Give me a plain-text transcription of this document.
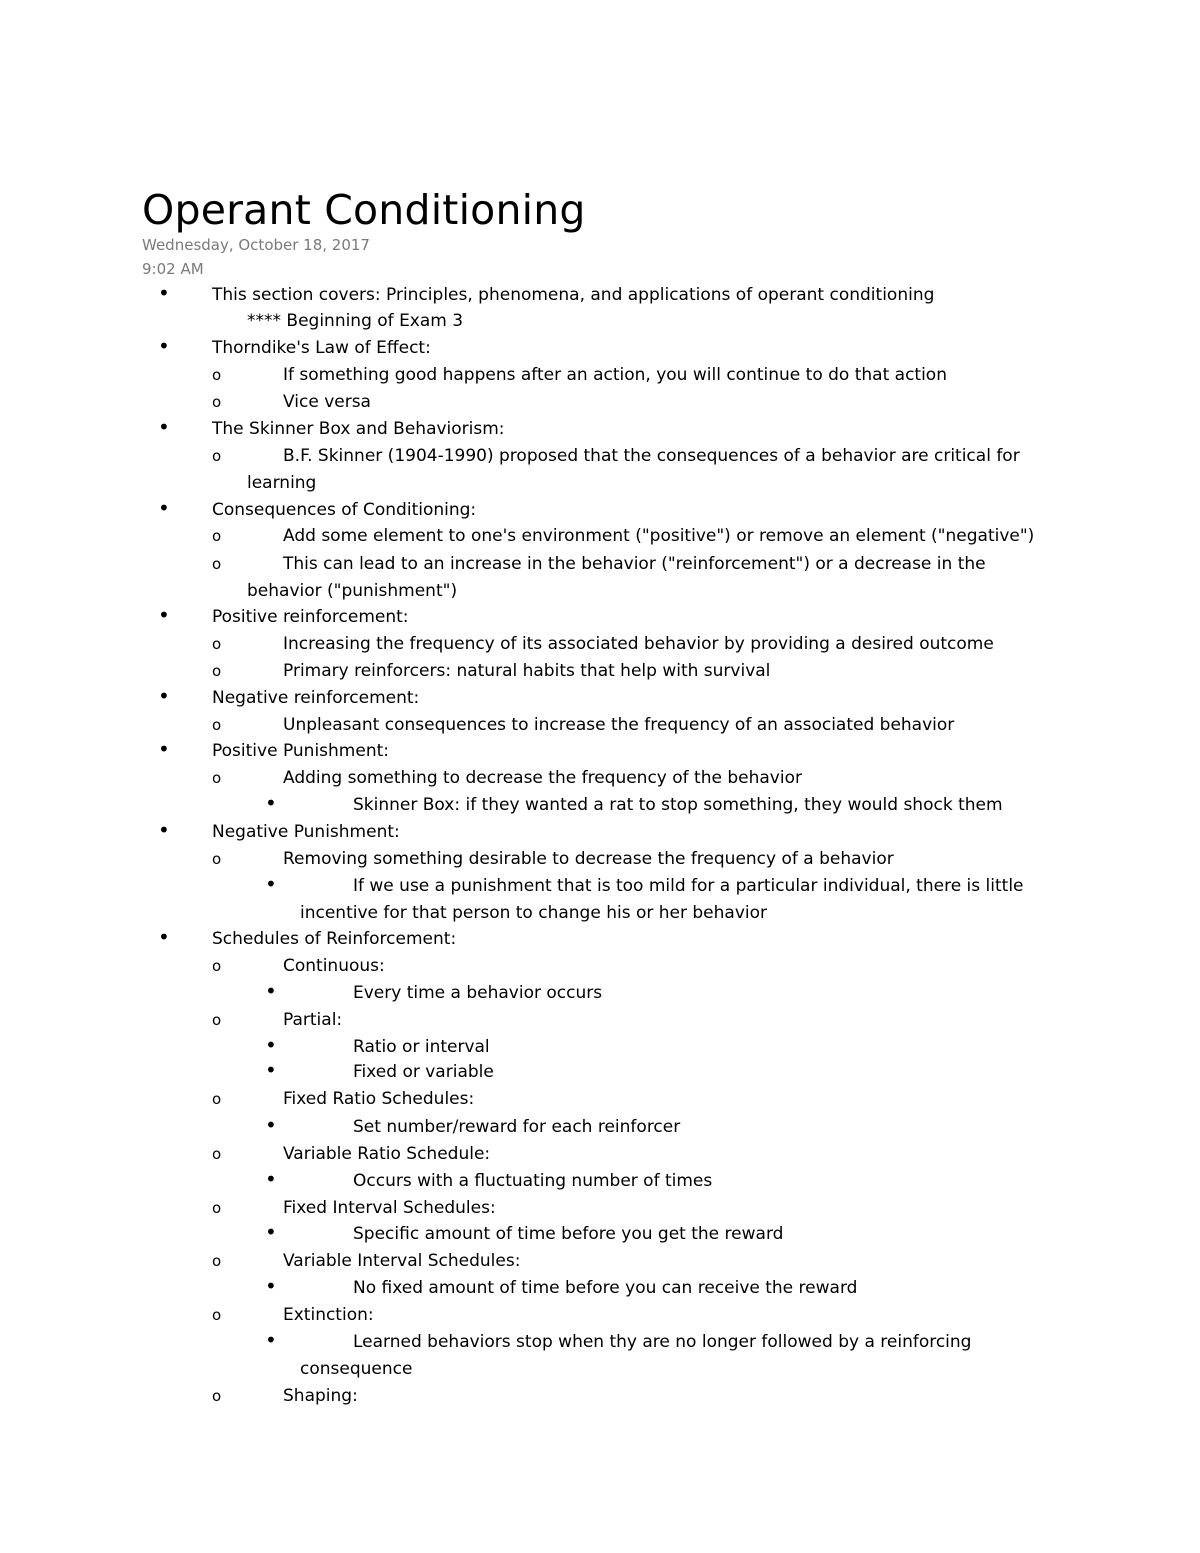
Operant Conditioning
Wednesday, October 18, 2017
9:02 AM
• This section covers: Principles, phenomena, and applications of operant conditioning
**** Beginning of Exam 3
• Thorndike's Law of Effect:
o	If something good happens after an action, you will continue to do that action
o	Vice versa
• The Skinner Box and Behaviorism:
o	B.F. Skinner (1904-1990) proposed that the consequences of a behavior are critical for
learning
• Consequences of Conditioning:
o	Add some element to one's environment ("positive") or remove an element ("negative")
o	This can lead to an increase in the behavior ("reinforcement") or a decrease in the
behavior ("punishment")
• Positive reinforcement:
o	Increasing the frequency of its associated behavior by providing a desired outcome
o	Primary reinforcers: natural habits that help with survival
• Negative reinforcement:
o	Unpleasant consequences to increase the frequency of an associated behavior
• Positive Punishment:
o	Adding something to decrease the frequency of the behavior
•	Skinner Box: if they wanted a rat to stop something, they would shock them
• Negative Punishment:
o	Removing something desirable to decrease the frequency of a behavior
•	If we use a punishment that is too mild for a particular individual, there is little
incentive for that person to change his or her behavior
• Schedules of Reinforcement:
o	Continuous:
•	Every time a behavior occurs
o	Partial:
•	Ratio or interval
•	Fixed or variable
o	Fixed Ratio Schedules:
•	Set number/reward for each reinforcer
o	Variable Ratio Schedule:
•	Occurs with a fluctuating number of times
o	Fixed Interval Schedules:
•	Specific amount of time before you get the reward
o	Variable Interval Schedules:
•	No fixed amount of time before you can receive the reward
o	Extinction:
•	Learned behaviors stop when thy are no longer followed by a reinforcing
consequence
o	Shaping:
